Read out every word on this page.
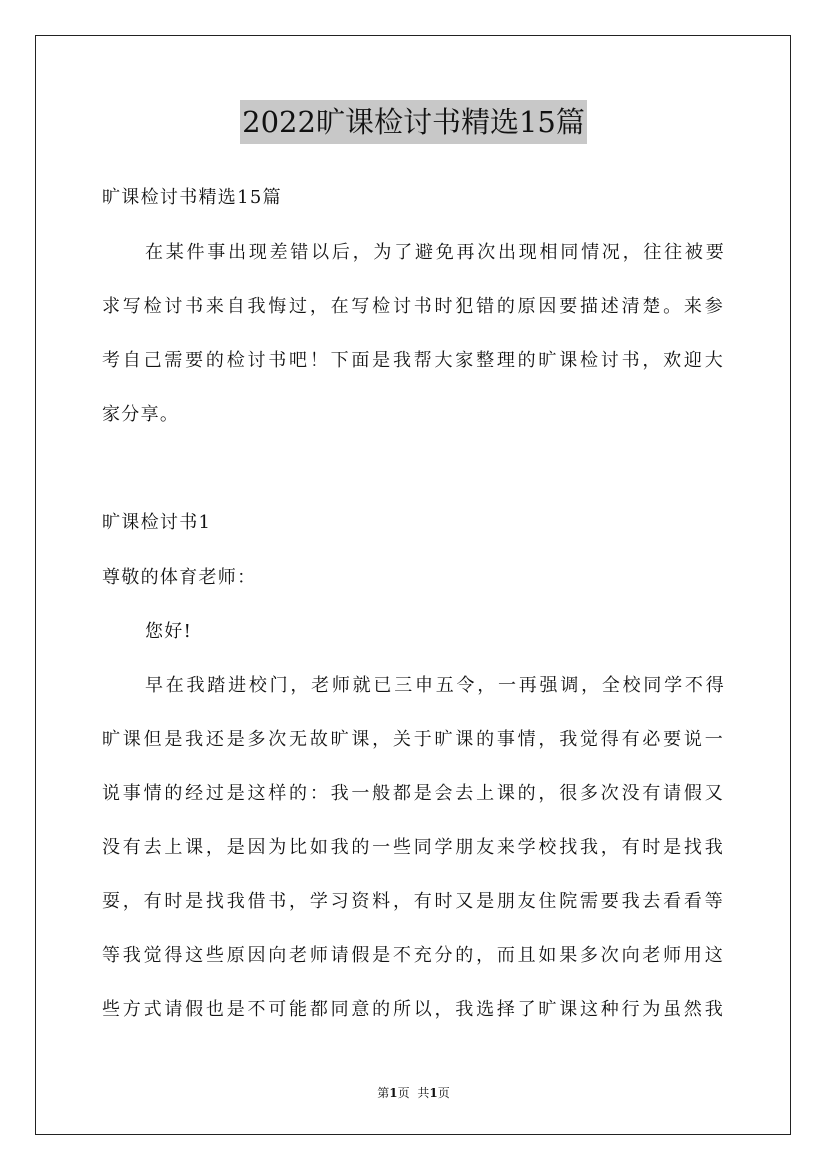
2022旷课检讨书精选15篇
旷课检讨书精选15篇
在某件事出现差错以后，为了避免再次出现相同情况，往往被要
求写检讨书来自我悔过，在写检讨书时犯错的原因要描述清楚。来参
考自己需要的检讨书吧！下面是我帮大家整理的旷课检讨书，欢迎大
家分享。
旷课检讨书1
尊敬的体育老师：
您好!
早在我踏进校门，老师就已三申五令，一再强调，全校同学不得
旷课但是我还是多次无故旷课，关于旷课的事情，我觉得有必要说一
说事情的经过是这样的：我一般都是会去上课的，很多次没有请假又
没有去上课，是因为比如我的一些同学朋友来学校找我，有时是找我
耍，有时是找我借书，学习资料，有时又是朋友住院需要我去看看等
等我觉得这些原因向老师请假是不充分的，而且如果多次向老师用这
些方式请假也是不可能都同意的所以，我选择了旷课这种行为虽然我
第1页 共1页
